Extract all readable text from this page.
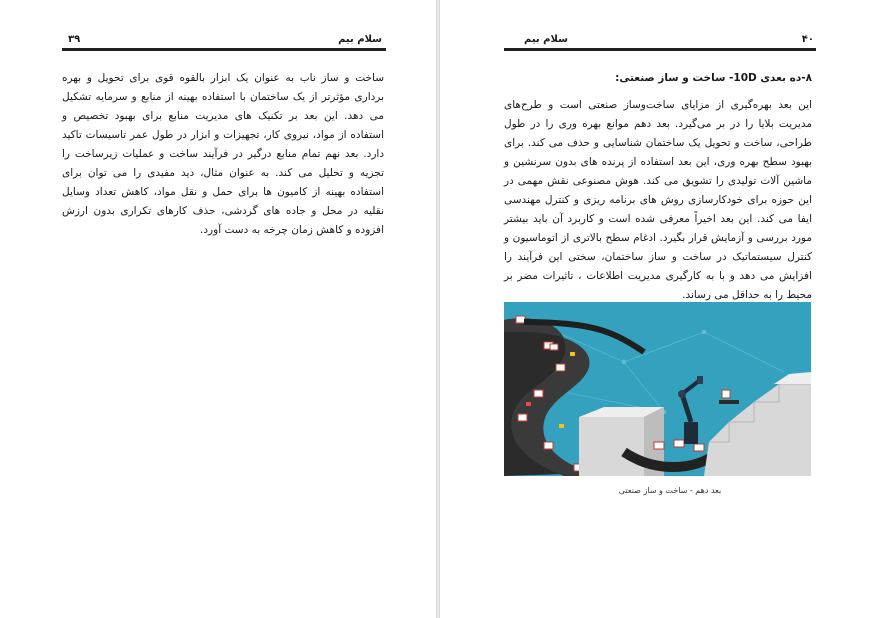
۳۹	سلام بیم

ساخت و ساز ناب به عنوان یک ابزار بالقوه قوی برای تحویل و بهره برداری مؤثرتر از یک ساختمان با استفاده بهینه از منابع و سرمایه تشکیل می دهد. این بعد بر تکنیک های مدیریت منابع برای بهبود تخصیص و استفاده از مواد، نیروی کار، تجهیزات و ابزار در طول عمر تاسیسات تاکید دارد. بعد نهم تمام منابع درگیر در فرآیند ساخت و عملیات زیرساخت را تجزیه و تحلیل می کند. به عنوان مثال، دید مفیدی را می توان برای استفاده بهینه از کامیون ها برای حمل و نقل مواد، کاهش تعداد وسایل نقلیه در محل و جاده های گردشی، حذف کارهای تکراری بدون ارزش افزوده و کاهش زمان چرخه به دست آورد.

۴۰
سلام بیم

۸-ده بعدی 10D- ساخت و ساز صنعتی:

این بعد بهره‌گیری از مزایای ساخت‌وساز صنعتی است و طرح‌های مدیریت بلایا را در بر می‌گیرد. بعد دهم موانع بهره وری را در طول طراحی، ساخت و تحویل یک ساختمان شناسایی و حذف می کند. برای بهبود سطح بهره وری، این بعد استفاده از پرنده های بدون سرنشین و ماشین آلات تولیدی را تشویق می کند. هوش مصنوعی نقش مهمی در این حوزه برای خودکارسازی روش های برنامه ریزی و کنترل مهندسی ایفا می کند. این بعد اخیراً معرفی شده است و کاربرد آن باید بیشتر مورد بررسی و آزمایش قرار بگیرد. ادغام سطح بالاتری از اتوماسیون و کنترل سیستماتیک در ساخت و ساز ساختمان، سختی این فرآیند را افزایش می دهد و با به کارگیری مدیریت اطلاعات ، تاثیرات مضر بر محیط را به حداقل می رساند.

بعد دهم - ساخت و ساز صنعتی
